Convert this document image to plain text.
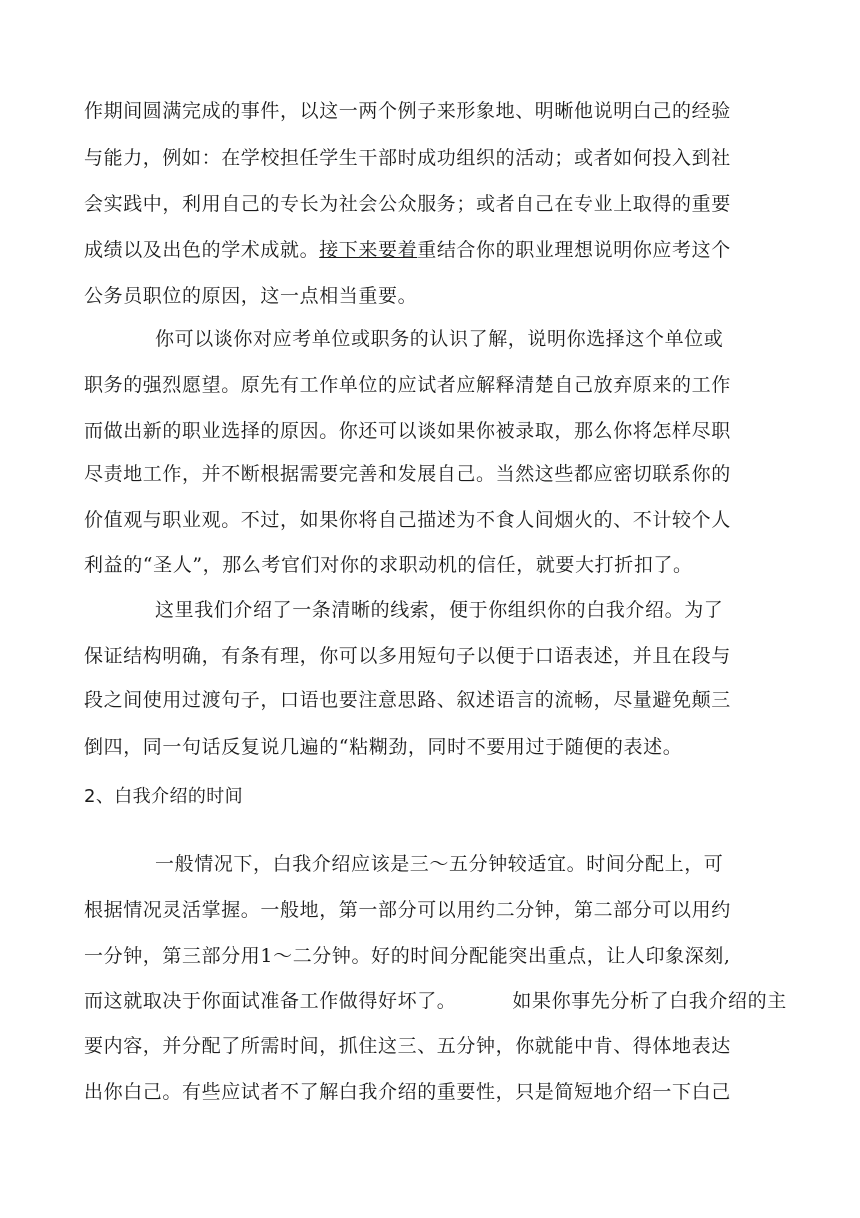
作期间圆满完成的事件，以这一两个例子来形象地、明晰他说明白己的经验
与能力，例如：在学校担任学生干部时成功组织的活动；或者如何投入到社
会实践中，利用自己的专长为社会公众服务；或者自己在专业上取得的重要
成绩以及出色的学术成就。接下来要着重结合你的职业理想说明你应考这个
公务员职位的原因，这一点相当重要。
你可以谈你对应考单位或职务的认识了解，说明你选择这个单位或
职务的强烈愿望。原先有工作单位的应试者应解释清楚自己放弃原来的工作
而做出新的职业选择的原因。你还可以谈如果你被录取，那么你将怎样尽职
尽责地工作，并不断根据需要完善和发展自己。当然这些都应密切联系你的
价值观与职业观。不过，如果你将自己描述为不食人间烟火的、不计较个人
利益的“圣人”，那么考官们对你的求职动机的信任，就要大打折扣了。
这里我们介绍了一条清晰的线索，便于你组织你的白我介绍。为了
保证结构明确，有条有理，你可以多用短句子以便于口语表述，并且在段与
段之间使用过渡句子，口语也要注意思路、叙述语言的流畅，尽量避免颠三
倒四，同一句话反复说几遍的“粘糊劲，同时不要用过于随便的表述。
2、白我介绍的时间
一般情况下，白我介绍应该是三〜五分钟较适宜。时间分配上，可
根据情况灵活掌握。一般地，第一部分可以用约二分钟，第二部分可以用约
一分钟，第三部分用1〜二分钟。好的时间分配能突出重点，让人印象深刻,
而这就取决于你面试准备工作做得好坏了。	如果你事先分析了白我介绍的主
要内容，并分配了所需时间，抓住这三、五分钟，你就能中肯、得体地表达
出你白己。有些应试者不了解白我介绍的重要性，只是简短地介绍一下白己
